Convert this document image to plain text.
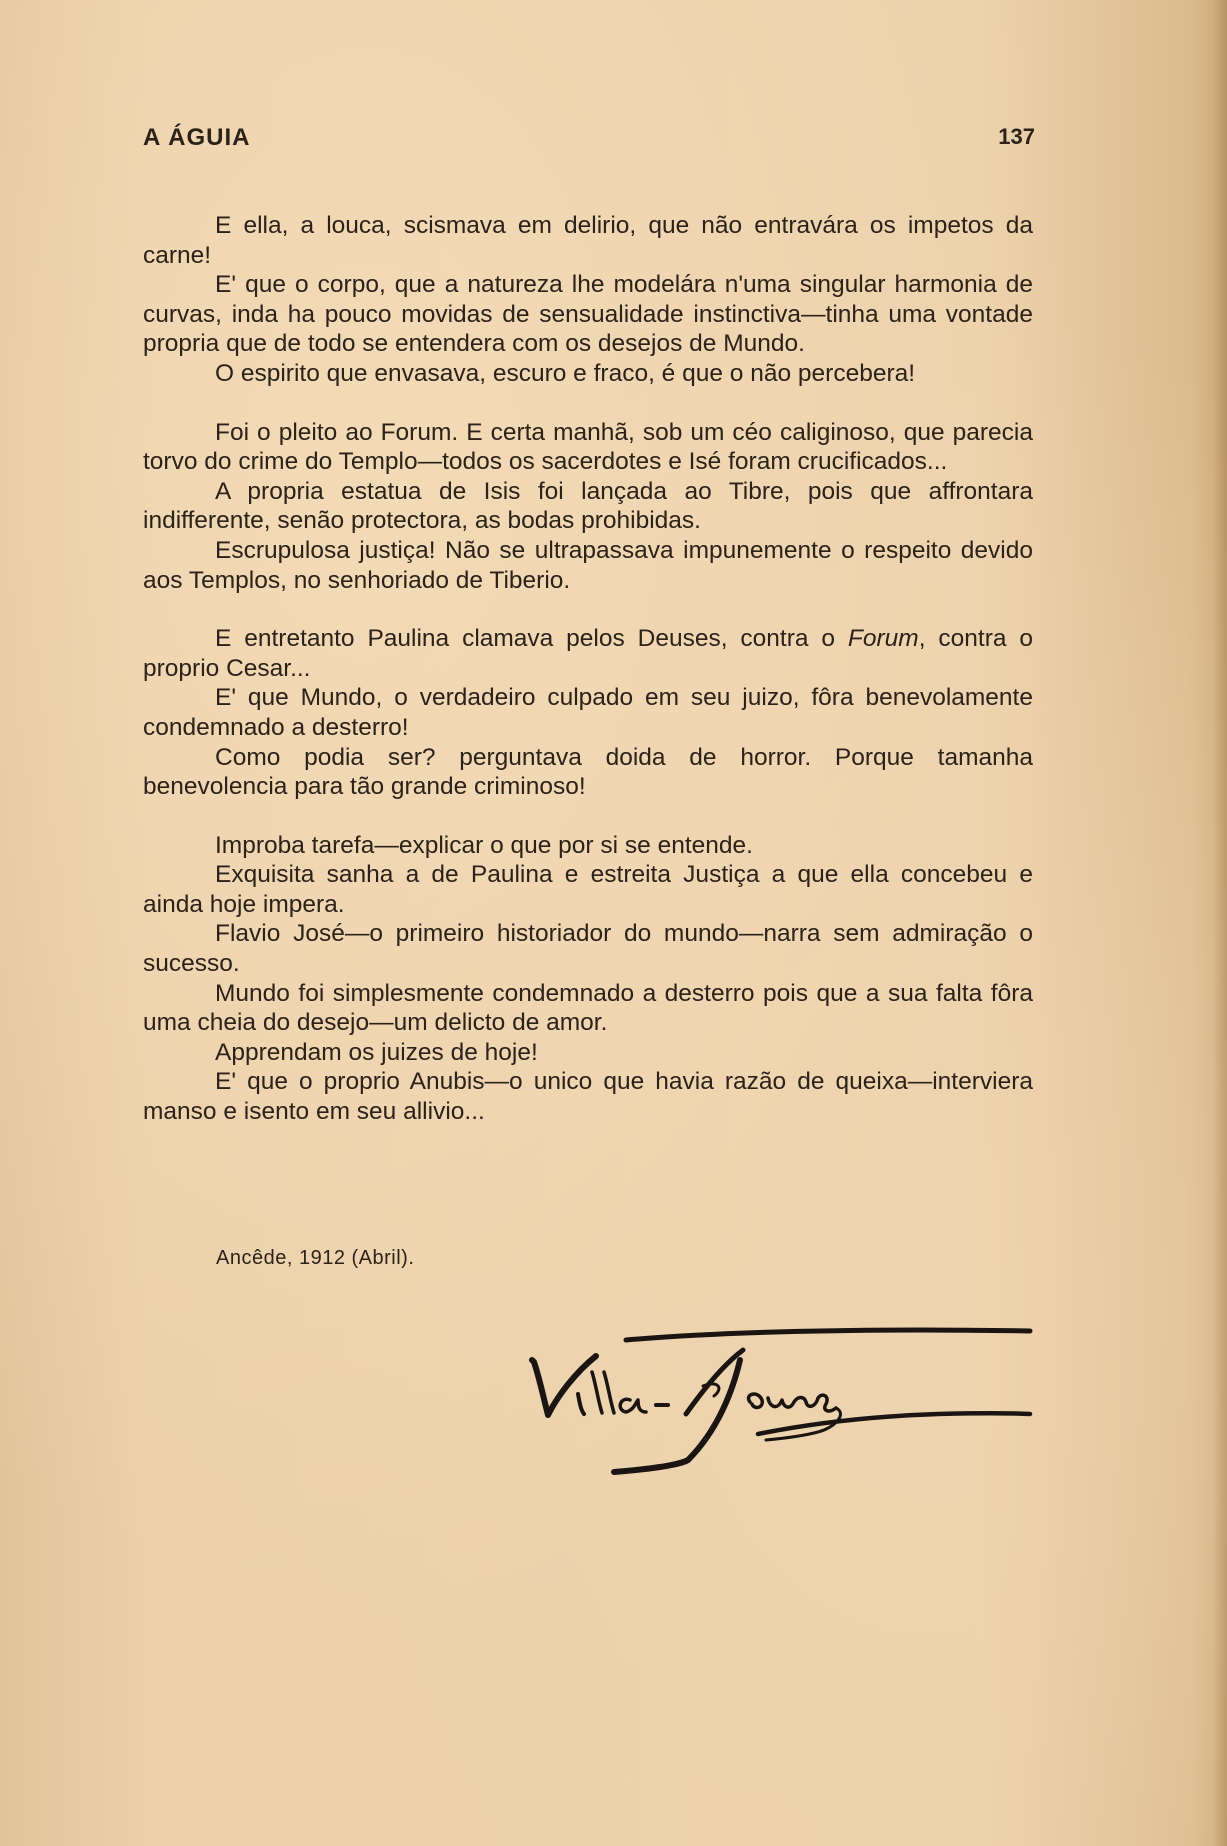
A ÁGUIA	137

E ella, a louca, scismava em delirio, que não entravára os impetos da carne!

E' que o corpo, que a natureza lhe modelára n'uma singular harmonia de curvas, inda ha pouco movidas de sensualidade instinctiva—tinha uma vontade propria que de todo se entendera com os desejos de Mundo.

O espirito que envasava, escuro e fraco, é que o não percebera!

Foi o pleito ao Forum. E certa manhã, sob um céo caliginoso, que parecia torvo do crime do Templo—todos os sacerdotes e Isé foram crucificados...

A propria estatua de Isis foi lançada ao Tibre, pois que affrontara indifferente, senão protectora, as bodas prohibidas.

Escrupulosa justiça! Não se ultrapassava impunemente o respeito devido aos Templos, no senhoriado de Tiberio.

E entretanto Paulina clamava pelos Deuses, contra o Forum, contra o proprio Cesar...

E' que Mundo, o verdadeiro culpado em seu juizo, fôra benevolamente condemnado a desterro!

Como podia ser? perguntava doida de horror. Porque tamanha benevolencia para tão grande criminoso!

Improba tarefa—explicar o que por si se entende.

Exquisita sanha a de Paulina e estreita Justiça a que ella concebeu e ainda hoje impera.

Flavio José—o primeiro historiador do mundo—narra sem admiração o sucesso.

Mundo foi simplesmente condemnado a desterro pois que a sua falta fôra uma cheia do desejo—um delicto de amor.

Apprendam os juizes de hoje!

E' que o proprio Anubis—o unico que havia razão de queixa—interviera manso e isento em seu allivio...

Ancêde, 1912 (Abril).
